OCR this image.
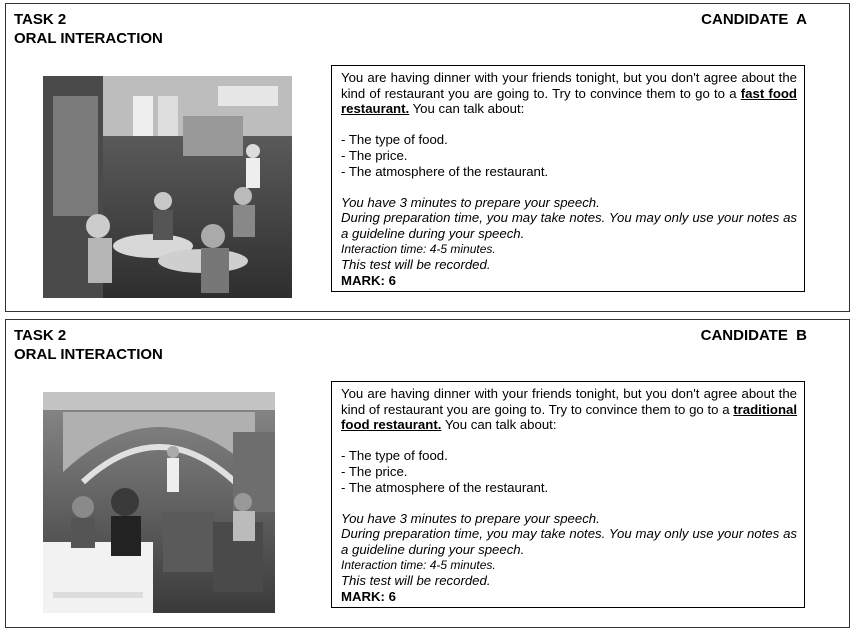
TASK 2
ORAL INTERACTION
CANDIDATE  A

You are having dinner with your friends tonight, but you don't agree about the kind of restaurant you are going to. Try to convince them to go to a fast food restaurant. You can talk about:

- The type of food.

- The price.

- The atmosphere of the restaurant.

You have 3 minutes to prepare your speech.

During preparation time, you may take notes. You may only use your notes as a guideline during your speech.

Interaction time: 4-5 minutes.

This test will be recorded.

MARK: 6

TASK 2
ORAL INTERACTION
CANDIDATE  B

You are having dinner with your friends tonight, but you don't agree about the kind of restaurant you are going to. Try to convince them to go to a traditional food restaurant. You can talk about:

- The type of food.

- The price.

- The atmosphere of the restaurant.

You have 3 minutes to prepare your speech.

During preparation time, you may take notes. You may only use your notes as a guideline during your speech.

Interaction time: 4-5 minutes.

This test will be recorded.

MARK: 6
